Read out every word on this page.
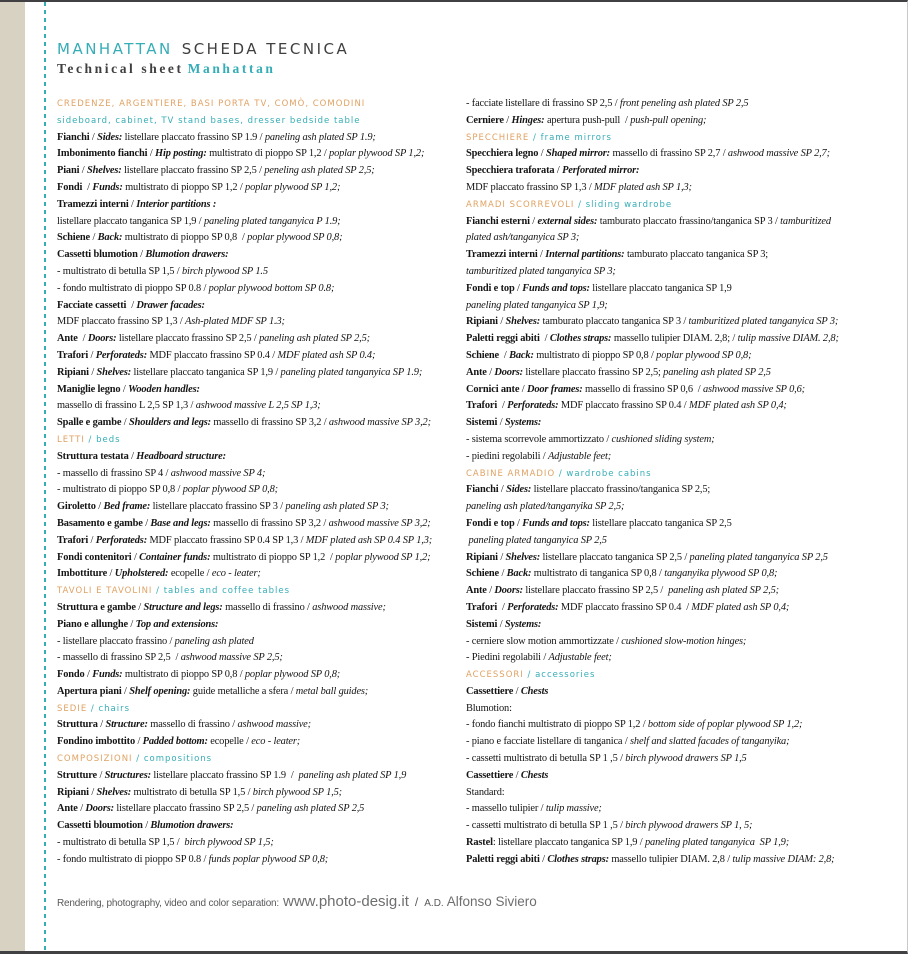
MANHATTAN SCHEDA TECNICA
Technical sheet Manhattan
CREDENZE, ARGENTIERE, BASI PORTA TV, COMÒ, COMODINI
sideboard, cabinet, TV stand bases, dresser bedside table
Fianchi / Sides: listellare placcato frassino SP 1.9 / paneling ash plated SP 1.9;
Imbonimento fianchi / Hip posting: multistrato di pioppo SP 1,2 / poplar plywood SP 1,2;
Piani / Shelves: listellare placcato frassino SP 2,5 / peneling ash plated SP 2,5;
Fondi  / Funds: multistrato di pioppo SP 1,2 / poplar plywood SP 1,2;
Tramezzi interni / Interior partitions :
listellare placcato tanganica SP 1,9 / paneling plated tanganyica P 1.9;
Schiene / Back: multistrato di pioppo SP 0,8  / poplar plywood SP 0,8;
Cassetti blumotion / Blumotion drawers:
- multistrato di betulla SP 1,5 / birch plywood SP 1.5
- fondo multistrato di pioppo SP 0.8 / poplar plywood bottom SP 0.8;
Facciate cassetti  / Drawer facades:
MDF placcato frassino SP 1,3 / Ash-plated MDF SP 1.3;
Ante  / Doors: listellare placcato frassino SP 2,5 / paneling ash plated SP 2,5;
Trafori / Perforateds: MDF placcato frassino SP 0.4 / MDF plated ash SP 0.4;
Ripiani / Shelves: listellare placcato tanganica SP 1,9 / paneling plated tanganyica SP 1.9;
Maniglie legno / Wooden handles:
massello di frassino L 2,5 SP 1,3 / ashwood massive L 2,5 SP 1,3;
Spalle e gambe / Shoulders and legs: massello di frassino SP 3,2 / ashwood massive SP 3,2;
LETTI / beds
Struttura testata / Headboard structure:
- massello di frassino SP 4 / ashwood massive SP 4;
- multistrato di pioppo SP 0,8 / poplar plywood SP 0,8;
Giroletto / Bed frame: listellare placcato frassino SP 3 / paneling ash plated SP 3;
Basamento e gambe / Base and legs: massello di frassino SP 3,2 / ashwood massive SP 3,2;
Trafori / Perforateds: MDF placcato frassino SP 0.4 SP 1,3 / MDF plated ash SP 0.4 SP 1,3;
Fondi contenitori / Container funds: multistrato di pioppo SP 1,2  / poplar plywood SP 1,2;
Imbottiture / Upholstered: ecopelle / eco - leater;
TAVOLI E TAVOLINI / tables and coffee tables
Struttura e gambe / Structure and legs: massello di frassino / ashwood massive;
Piano e allunghe / Top and extensions:
- listellare placcato frassino / paneling ash plated
- massello di frassino SP 2,5  / ashwood massive SP 2,5;
Fondo / Funds: multistrato di pioppo SP 0,8 / poplar plywood SP 0,8;
Apertura piani / Shelf opening: guide metalliche a sfera / metal ball guides;
SEDIE / chairs
Struttura / Structure: massello di frassino / ashwood massive;
Fondino imbottito / Padded bottom: ecopelle / eco - leater;
COMPOSIZIONI / compositions
Strutture / Structures: listellare placcato frassino SP 1.9  /  paneling ash plated SP 1,9
Ripiani / Shelves: multistrato di betulla SP 1,5 / birch plywood SP 1,5;
Ante / Doors: listellare placcato frassino SP 2,5 / paneling ash plated SP 2,5
Cassetti bloumotion / Blumotion drawers:
- multistrato di betulla SP 1,5 /  birch plywood SP 1,5;
- fondo multistrato di pioppo SP 0.8 / funds poplar plywood SP 0,8;
- facciate listellare di frassino SP 2,5 / front peneling ash plated SP 2,5
Cerniere / Hinges: apertura push-pull  / push-pull opening;
SPECCHIERE / frame mirrors
Specchiera legno / Shaped mirror: massello di frassino SP 2,7 / ashwood massive SP 2,7;
Specchiera traforata / Perforated mirror:
MDF placcato frassino SP 1,3 / MDF plated ash SP 1,3;
ARMADI SCORREVOLI / sliding wardrobe
Fianchi esterni / external sides: tamburato placcato frassino/tanganica SP 3 / tamburitized
plated ash/tanganyica SP 3;
Tramezzi interni / Internal partitions: tamburato placcato tanganica SP 3;
tamburitized plated tanganyica SP 3;
Fondi e top / Funds and tops: listellare placcato tanganica SP 1,9
paneling plated tanganyica SP 1,9;
Ripiani / Shelves: tamburato placcato tanganica SP 3 / tamburitized plated tanganyica SP 3;
Paletti reggi abiti  / Clothes straps: massello tulipier DIAM. 2,8; / tulip massive DIAM. 2,8;
Schiene  / Back: multistrato di pioppo SP 0,8 / poplar plywood SP 0,8;
Ante / Doors: listellare placcato frassino SP 2,5; paneling ash plated SP 2,5
Cornici ante / Door frames: massello di frassino SP 0,6  / ashwood massive SP 0,6;
Trafori  / Perforateds: MDF placcato frassino SP 0.4 / MDF plated ash SP 0,4;
Sistemi / Systems:
- sistema scorrevole ammortizzato / cushioned sliding system;
- piedini regolabili / Adjustable feet;
CABINE ARMADIO / wardrobe cabins
Fianchi / Sides: listellare placcato frassino/tanganica SP 2,5;
paneling ash plated/tanganyika SP 2,5;
Fondi e top / Funds and tops: listellare placcato tanganica SP 2,5
paneling plated tanganyica SP 2,5
Ripiani / Shelves: listellare placcato tanganica SP 2,5 / paneling plated tanganyica SP 2,5
Schiene / Back: multistrato di tanganica SP 0,8 / tanganyika plywood SP 0,8;
Ante / Doors: listellare placcato frassino SP 2,5 /  paneling ash plated SP 2,5;
Trafori  / Perforateds: MDF placcato frassino SP 0.4  / MDF plated ash SP 0,4;
Sistemi / Systems:
- cerniere slow motion ammortizzate / cushioned slow-motion hinges;
- Piedini regolabili / Adjustable feet;
ACCESSORI / accessories
Cassettiere / Chests
Blumotion:
- fondo fianchi multistrato di pioppo SP 1,2 / bottom side of poplar plywood SP 1,2;
- piano e facciate listellare di tanganica / shelf and slatted facades of tanganyika;
- cassetti multistrato di betulla SP 1 ,5 / birch plywood drawers SP 1,5
Cassettiere / Chests
Standard:
- massello tulipier / tulip massive;
- cassetti multistrato di betulla SP 1 ,5 / birch plywood drawers SP 1, 5;
Rastel: listellare placcato tanganica SP 1,9 / paneling plated tanganyica  SP 1,9;
Paletti reggi abiti / Clothes straps: massello tulipier DIAM. 2,8 / tulip massive DIAM: 2,8;
Rendering, photography, video and color separation: www.photo-desig.it / A.D. Alfonso Siviero
